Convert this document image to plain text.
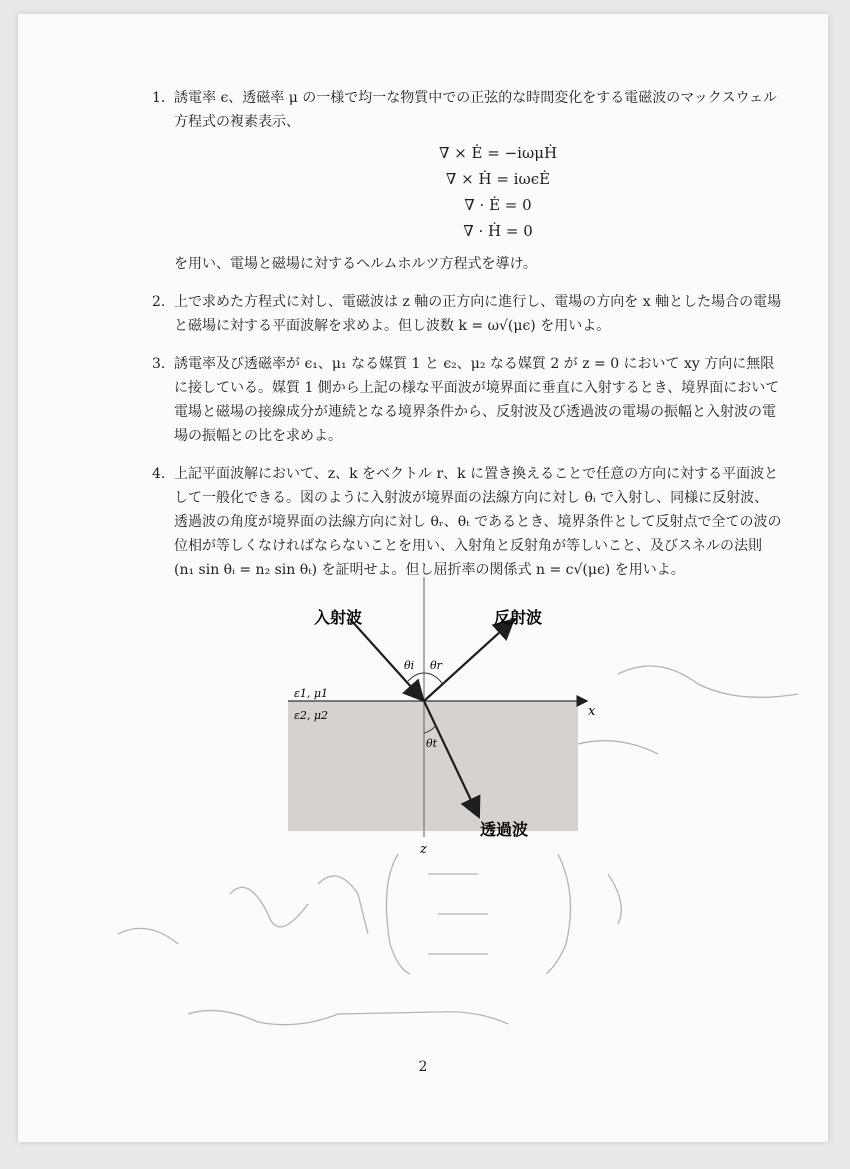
1. 誘電率 ϵ、透磁率 μ の一様で均一な物質中での正弦的な時間変化をする電磁波のマックスウェル方程式の複素表示、
∇ × Ė = −iωμḢ
∇ × Ḣ = iωϵĖ
∇ · Ė = 0
∇ · Ḣ = 0
を用い、電場と磁場に対するヘルムホルツ方程式を導け。
2. 上で求めた方程式に対し、電磁波は z 軸の正方向に進行し、電場の方向を x 軸とした場合の電場と磁場に対する平面波解を求めよ。但し波数 k = ω√(μϵ) を用いよ。
3. 誘電率及び透磁率が ϵ₁、μ₁ なる媒質 1 と ϵ₂、μ₂ なる媒質 2 が z = 0 において xy 方向に無限に接している。媒質 1 側から上記の様な平面波が境界面に垂直に入射するとき、境界面において電場と磁場の接線成分が連続となる境界条件から、反射波及び透過波の電場の振幅と入射波の電場の振幅との比を求めよ。
4. 上記平面波解において、z、k をベクトル r、k に置き換えることで任意の方向に対する平面波として一般化できる。図のように入射波が境界面の法線方向に対し θᵢ で入射し、同様に反射波、透過波の角度が境界面の法線方向に対し θᵣ、θₜ であるとき、境界条件として反射点で全ての波の位相が等しくなければならないことを用い、入射角と反射角が等しいこと、及びスネルの法則 (n₁ sin θᵢ = n₂ sin θₜ) を証明せよ。但し屈折率の関係式 n = c√(μϵ) を用いよ。
入射波	反射波
透過波
θi θr
θt
ε1, μ1
ε2, μ2	x
z
2
